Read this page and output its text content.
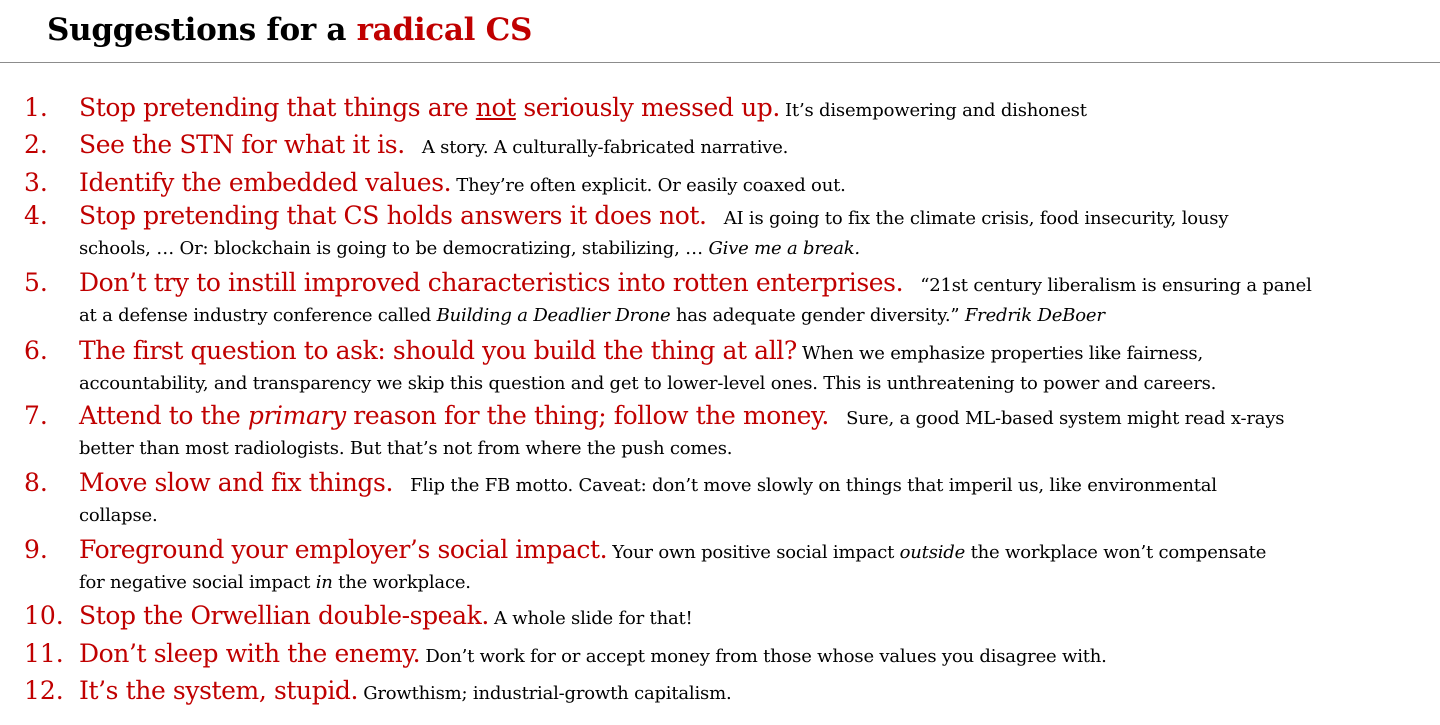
Suggestions for a radical CS
1. Stop pretending that things are not seriously messed up. It’s disempowering and dishonest
2. See the STN for what it is. A story. A culturally-fabricated narrative.
3. Identify the embedded values. They’re often explicit. Or easily coaxed out.
4. Stop pretending that CS holds answers it does not. AI is going to fix the climate crisis, food insecurity, lousy
schools, … Or: blockchain is going to be democratizing, stabilizing, … Give me a break.
5. Don’t try to instill improved characteristics into rotten enterprises. “21st century liberalism is ensuring a panel
at a defense industry conference called Building a Deadlier Drone has adequate gender diversity.” Fredrik DeBoer
6. The first question to ask: should you build the thing at all? When we emphasize properties like fairness,
accountability, and transparency we skip this question and get to lower-level ones. This is unthreatening to power and careers.
7. Attend to the primary reason for the thing; follow the money. Sure, a good ML-based system might read x-rays
better than most radiologists. But that’s not from where the push comes.
8. Move slow and fix things. Flip the FB motto. Caveat: don’t move slowly on things that imperil us, like environmental
collapse.
9. Foreground your employer’s social impact. Your own positive social impact outside the workplace won’t compensate
for negative social impact in the workplace.
10. Stop the Orwellian double-speak. A whole slide for that!
11. Don’t sleep with the enemy. Don’t work for or accept money from those whose values you disagree with.
12. It’s the system, stupid. Growthism; industrial-growth capitalism.
